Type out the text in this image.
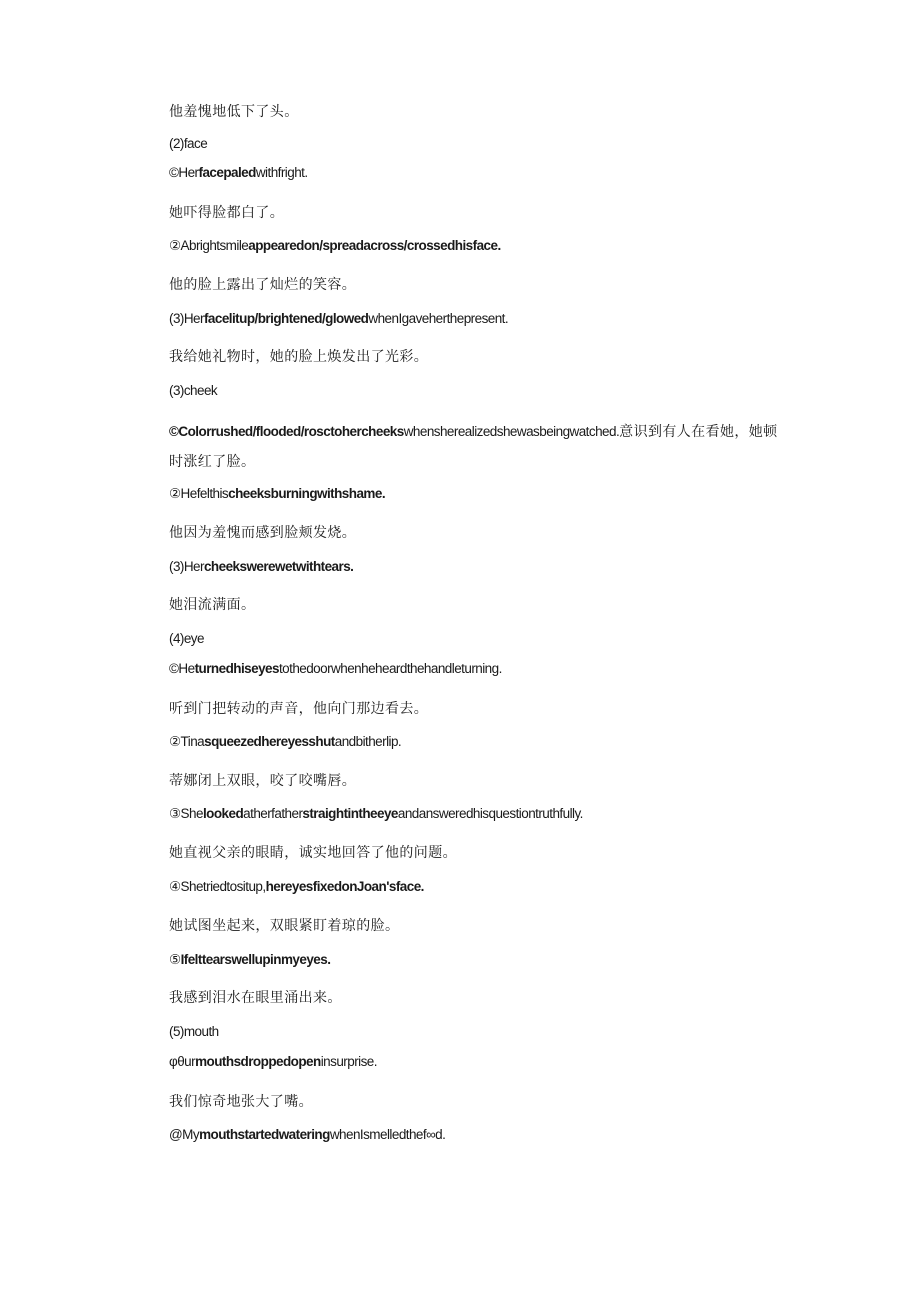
他羞愧地低下了头。
(2)face
©Herfacepaledwithfright.
她吓得脸都白了。
②Abrightsmileappearedon/spreadacross/crossedhisface.
他的脸上露出了灿烂的笑容。
(3)Herfacelitup/brightened/glowedwhenIgaveherthepresent.
我给她礼物时，她的脸上焕发出了光彩。
(3)cheek
©Colorrushed/flooded/rosctohercheekswhensherealizedshewasbeingwatched.意识到有人在看她，她顿时涨红了脸。
②Hefelthischeeksburningwithshame.
他因为羞愧而感到脸颊发烧。
(3)Hercheekswerewetwithtears.
她泪流满面。
(4)eye
©Heturnedhiseyestothedoorwhenheheardthehandleturning.
听到门把转动的声音，他向门那边看去。
②Tinasqueezedhereyesshutandbitherlip.
蒂娜闭上双眼，咬了咬嘴唇。
③Shelookedatherfatherstraightintheeyeandansweredhisquestiontruthfully.
她直视父亲的眼睛，诚实地回答了他的问题。
④Shetriedtositup,hereyesfixedonJoan'sface.
她试图坐起来，双眼紧盯着琼的脸。
⑤Ifelttearswellupinmyeyes.
我感到泪水在眼里涌出来。
(5)mouth
φθurmouthsdroppedopeninsurprise.
我们惊奇地张大了嘴。
@MymouthstartedwateringwhenIsmelledthef∞d.
